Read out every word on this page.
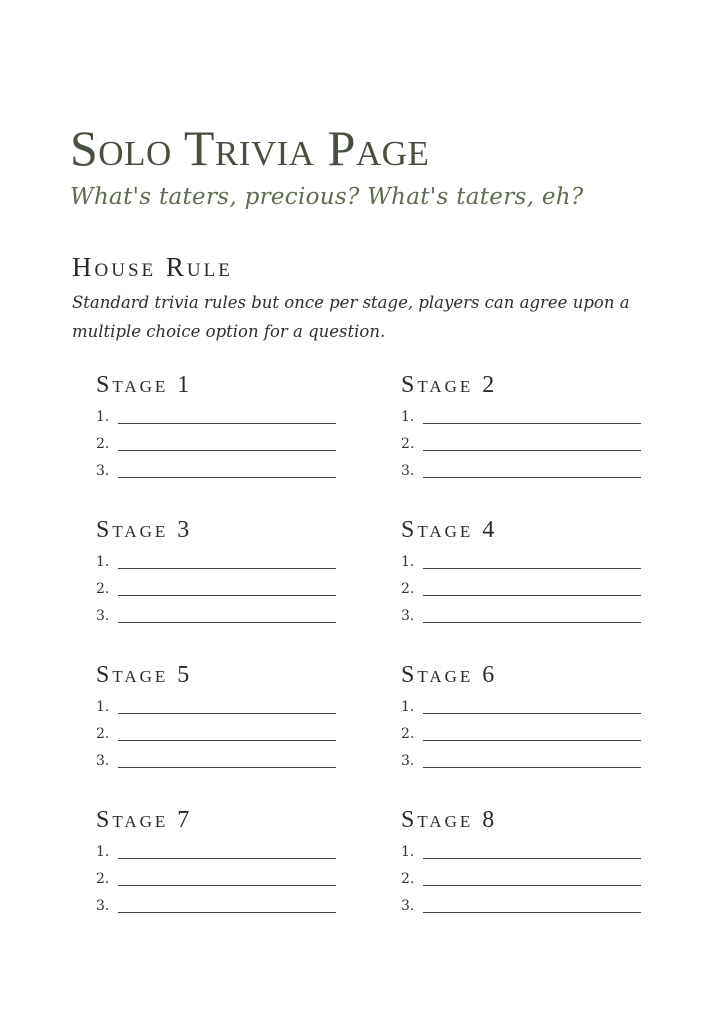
Solo Trivia Page
What's taters, precious? What's taters, eh?
House Rule
Standard trivia rules but once per stage, players can agree upon a multiple choice option for a question.
Stage 1
1.
2.
3.
Stage 2
1.
2.
3.
Stage 3
1.
2.
3.
Stage 4
1.
2.
3.
Stage 5
1.
2.
3.
Stage 6
1.
2.
3.
Stage 7
1.
2.
3.
Stage 8
1.
2.
3.
